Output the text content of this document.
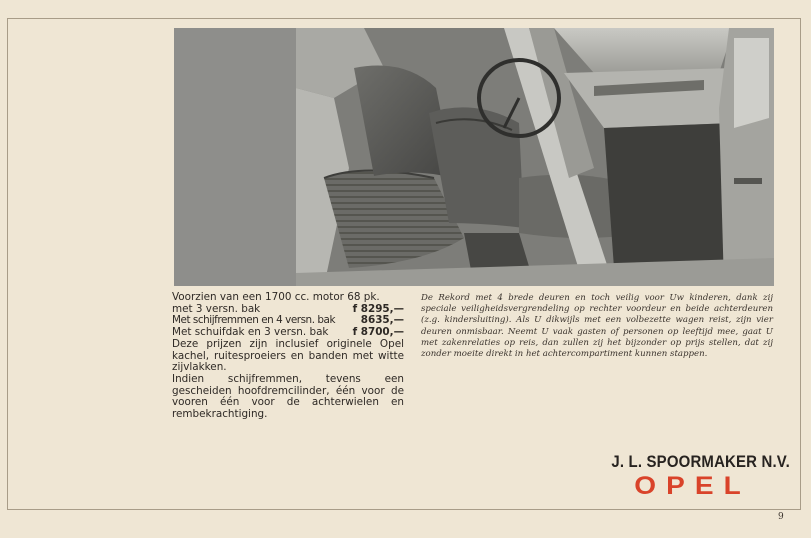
Voorzien van een 1700 cc. motor 68 pk.
met 3 versn. bak	f 8295,—
Met schijfremmen en 4 versn. bak 8635,—
Met schuifdak en 3 versn. bak f 8700,—
Deze prijzen zijn inclusief originele Opel kachel, ruitesproeiers en banden met witte zijvlakken.
Indien schijfremmen, tevens een gescheiden hoofdremcilinder, één voor de vooren één voor de achterwielen en rembekrachtiging.
De Rekord met 4 brede deuren en toch veilig voor Uw kinderen, dank zij speciale veiligheidsvergrendeling op rechter voordeur en beide achterdeuren (z.g. kindersluiting). Als U dikwijls met een volbezette wagen reist, zijn vier deuren onmisbaar. Neemt U vaak gasten of personen op leeftijd mee, gaat U met zakenrelaties op reis, dan zullen zij het bijzonder op prijs stellen, dat zij zonder moeite direkt in het achtercompartiment kunnen stappen.
J. L. SPOORMAKER N.V.
OPEL
9
